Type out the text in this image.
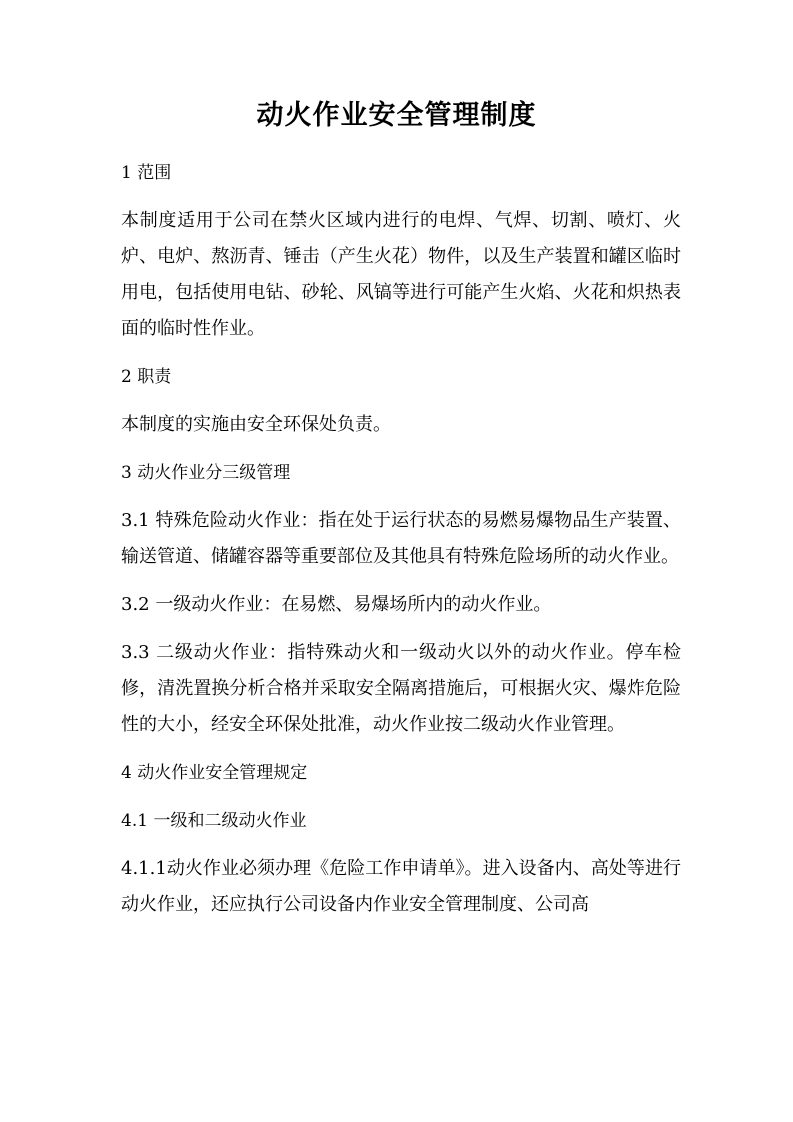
动火作业安全管理制度

1 范围

本制度适用于公司在禁火区域内进行的电焊、气焊、切割、喷灯、火炉、电炉、熬沥青、锤击（产生火花）物件，以及生产装置和罐区临时用电，包括使用电钻、砂轮、风镐等进行可能产生火焰、火花和炽热表面的临时性作业。

2 职责

本制度的实施由安全环保处负责。

3 动火作业分三级管理

3.1 特殊危险动火作业：指在处于运行状态的易燃易爆物品生产装置、输送管道、储罐容器等重要部位及其他具有特殊危险场所的动火作业。

3.2 一级动火作业：在易燃、易爆场所内的动火作业。

3.3 二级动火作业：指特殊动火和一级动火以外的动火作业。停车检修，清洗置换分析合格并采取安全隔离措施后，可根据火灾、爆炸危险性的大小，经安全环保处批准，动火作业按二级动火作业管理。

4 动火作业安全管理规定

4.1 一级和二级动火作业

4.1.1动火作业必须办理《危险工作申请单》。进入设备内、高处等进行动火作业，还应执行公司设备内作业安全管理制度、公司高
